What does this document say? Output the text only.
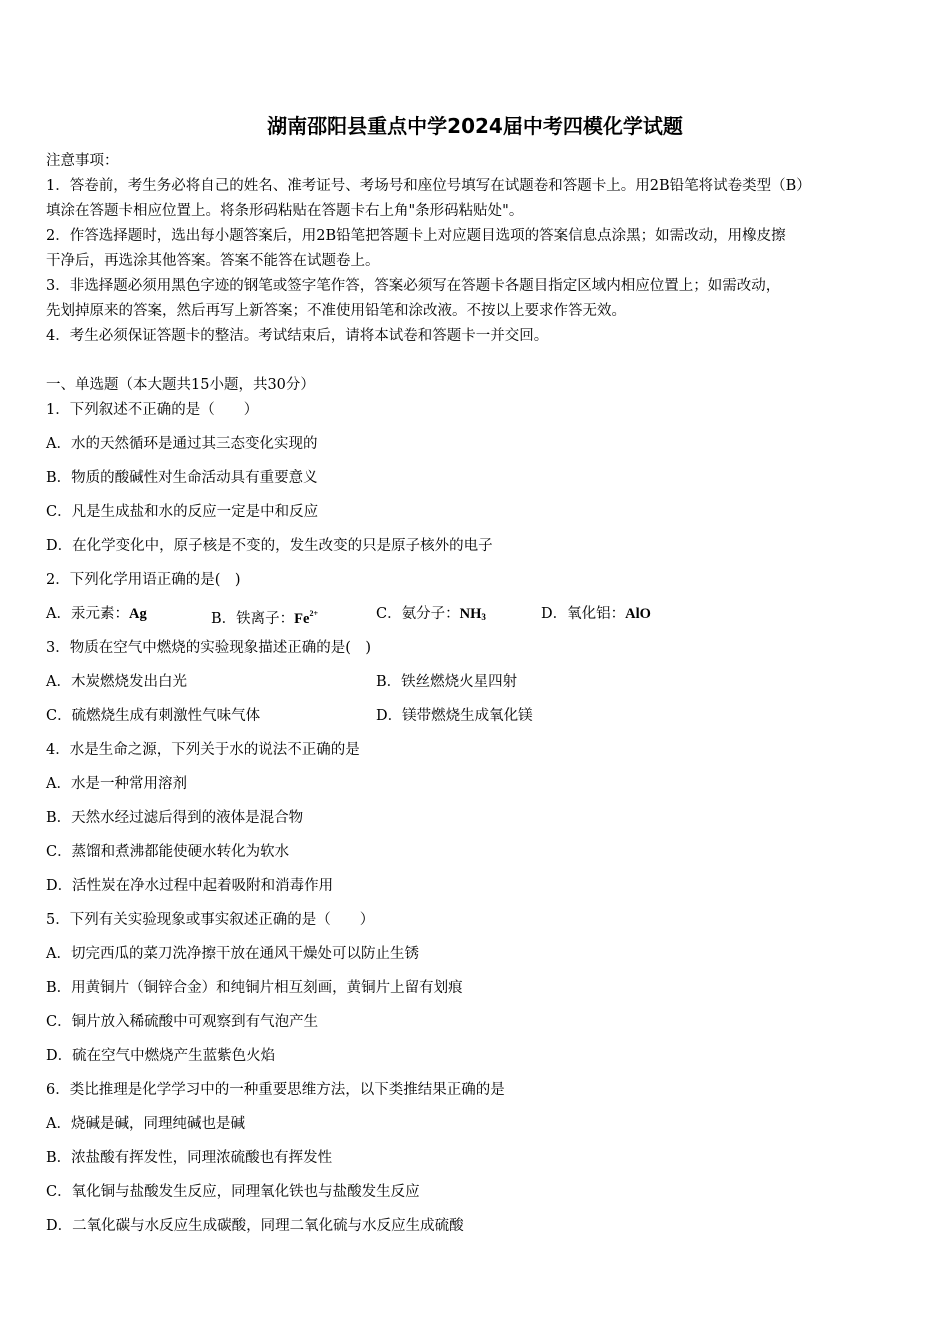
湖南邵阳县重点中学2024届中考四模化学试题
注意事项：
1．答卷前，考生务必将自己的姓名、准考证号、考场号和座位号填写在试题卷和答题卡上。用2B铅笔将试卷类型（B）
填涂在答题卡相应位置上。将条形码粘贴在答题卡右上角"条形码粘贴处"。
2．作答选择题时，选出每小题答案后，用2B铅笔把答题卡上对应题目选项的答案信息点涂黑；如需改动，用橡皮擦
干净后，再选涂其他答案。答案不能答在试题卷上。
3．非选择题必须用黑色字迹的钢笔或签字笔作答，答案必须写在答题卡各题目指定区域内相应位置上；如需改动，
先划掉原来的答案，然后再写上新答案；不准使用铅笔和涂改液。不按以上要求作答无效。
4．考生必须保证答题卡的整洁。考试结束后，请将本试卷和答题卡一并交回。
一、单选题（本大题共15小题，共30分）
1．下列叙述不正确的是（　　）
A．水的天然循环是通过其三态变化实现的
B．物质的酸碱性对生命活动具有重要意义
C．凡是生成盐和水的反应一定是中和反应
D．在化学变化中，原子核是不变的，发生改变的只是原子核外的电子
2．下列化学用语正确的是(　)
A．汞元素：Ag	B．铁离子：$Fe^{2+}$	C．氨分子：$NH_3$	D．氧化铝：AlO
3．物质在空气中燃烧的实验现象描述正确的是(　)
A．木炭燃烧发出白光	B．铁丝燃烧火星四射
C．硫燃烧生成有刺激性气味气体	D．镁带燃烧生成氧化镁
4．水是生命之源，下列关于水的说法不正确的是
A．水是一种常用溶剂
B．天然水经过滤后得到的液体是混合物
C．蒸馏和煮沸都能使硬水转化为软水
D．活性炭在净水过程中起着吸附和消毒作用
5．下列有关实验现象或事实叙述正确的是（　　）
A．切完西瓜的菜刀洗净擦干放在通风干燥处可以防止生锈
B．用黄铜片（铜锌合金）和纯铜片相互刻画，黄铜片上留有划痕
C．铜片放入稀硫酸中可观察到有气泡产生
D．硫在空气中燃烧产生蓝紫色火焰
6．类比推理是化学学习中的一种重要思维方法，以下类推结果正确的是
A．烧碱是碱，同理纯碱也是碱
B．浓盐酸有挥发性，同理浓硫酸也有挥发性
C．氧化铜与盐酸发生反应，同理氧化铁也与盐酸发生反应
D．二氧化碳与水反应生成碳酸，同理二氧化硫与水反应生成硫酸
